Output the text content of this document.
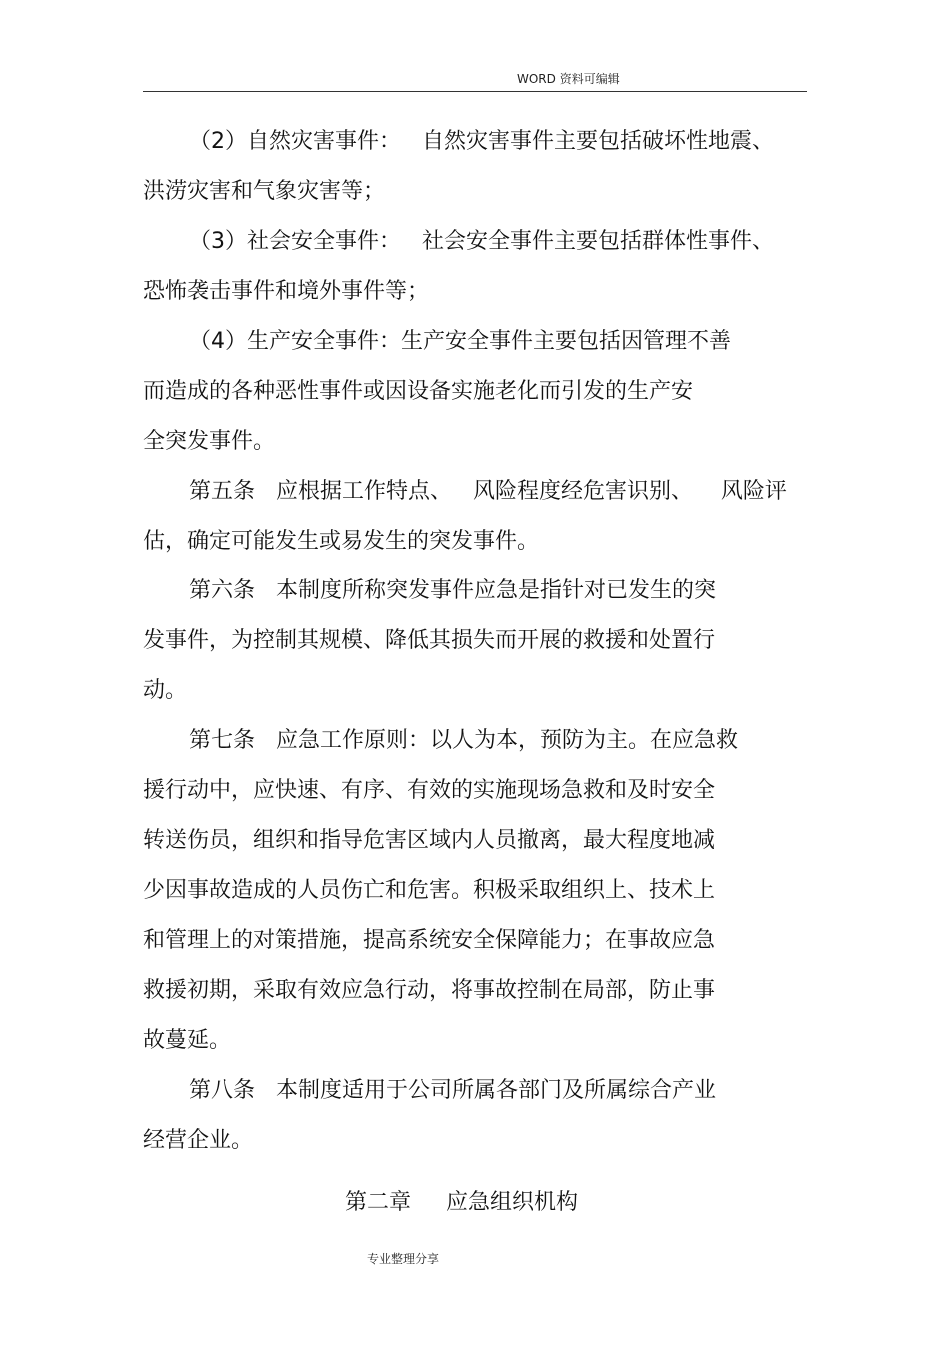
WORD 资料可编辑
（2）自然灾害事件：   自然灾害事件主要包括破坏性地震、
洪涝灾害和气象灾害等；
（3）社会安全事件：   社会安全事件主要包括群体性事件、
恐怖袭击事件和境外事件等；
（4）生产安全事件：生产安全事件主要包括因管理不善
而造成的各种恶性事件或因设备实施老化而引发的生产安
全突发事件。
第五条   应根据工作特点、   风险程度经危害识别、    风险评
估，确定可能发生或易发生的突发事件。
第六条   本制度所称突发事件应急是指针对已发生的突
发事件，为控制其规模、降低其损失而开展的救援和处置行
动。
第七条   应急工作原则：以人为本，预防为主。在应急救
援行动中，应快速、有序、有效的实施现场急救和及时安全
转送伤员，组织和指导危害区域内人员撤离，最大程度地减
少因事故造成的人员伤亡和危害。积极采取组织上、技术上
和管理上的对策措施，提高系统安全保障能力；在事故应急
救援初期，采取有效应急行动，将事故控制在局部，防止事
故蔓延。
第八条   本制度适用于公司所属各部门及所属综合产业
经营企业。
第二章     应急组织机构
专业整理分享
